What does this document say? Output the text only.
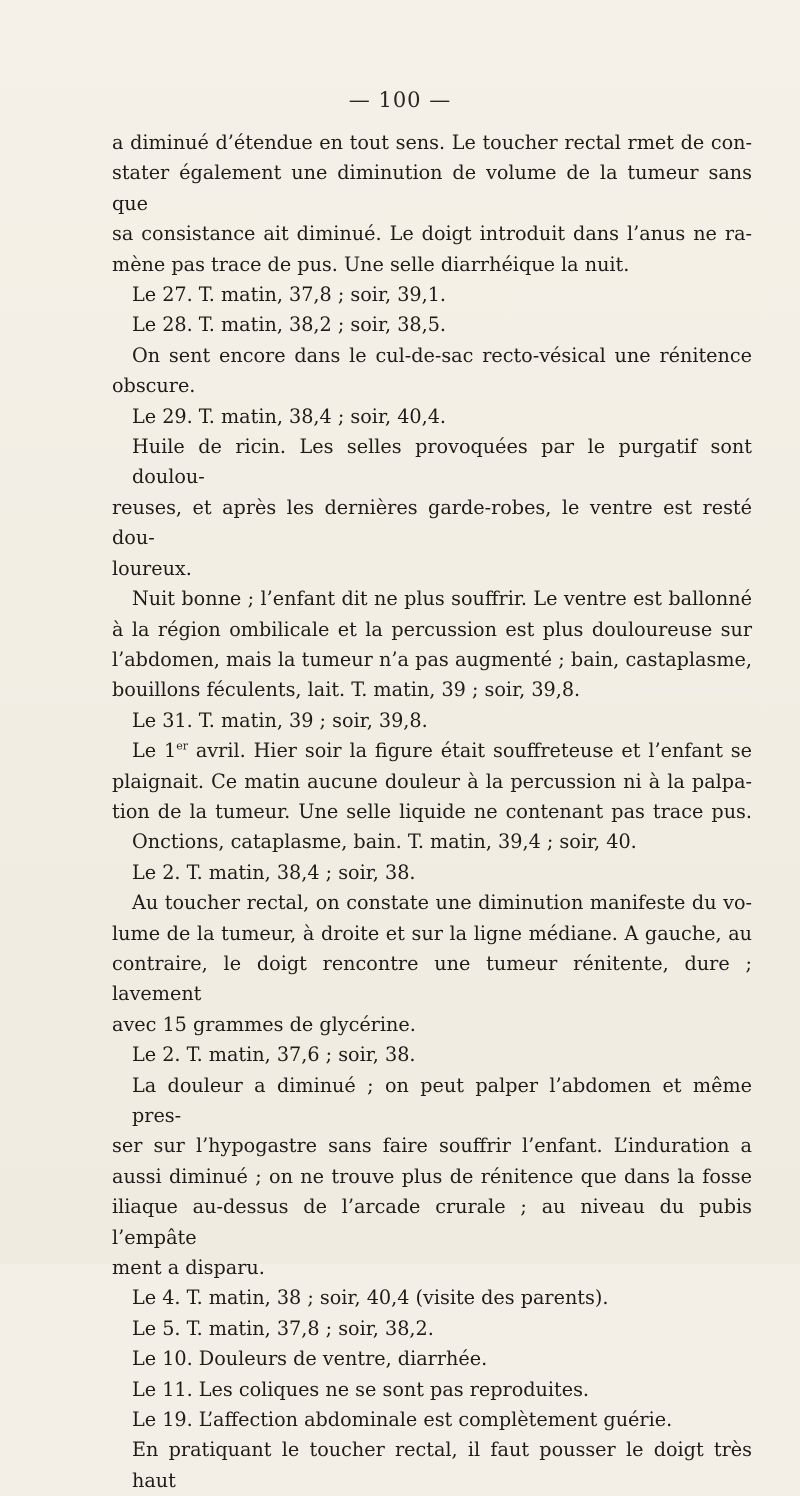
— 100 —
a diminué d’étendue en tout sens. Le toucher rectal rmet de con-
stater également une diminution de volume de la tumeur sans que
sa consistance ait diminué. Le doigt introduit dans l’anus ne ra-
mène pas trace de pus. Une selle diarrhéique la nuit.
Le 27. T. matin, 37,8 ; soir, 39,1.
Le 28. T. matin, 38,2 ; soir, 38,5.
On sent encore dans le cul-de-sac recto-vésical une rénitence
obscure.
Le 29. T. matin, 38,4 ; soir, 40,4.
Huile de ricin. Les selles provoquées par le purgatif sont doulou-
reuses, et après les dernières garde-robes, le ventre est resté dou-
loureux.
Nuit bonne ; l’enfant dit ne plus souffrir. Le ventre est ballonné
à la région ombilicale et la percussion est plus douloureuse sur
l’abdomen, mais la tumeur n’a pas augmenté ; bain, castaplasme,
bouillons féculents, lait. T. matin, 39 ; soir, 39,8.
Le 31. T. matin, 39 ; soir, 39,8.
Le 1er avril. Hier soir la figure était souffreteuse et l’enfant se
plaignait. Ce matin aucune douleur à la percussion ni à la palpa-
tion de la tumeur. Une selle liquide ne contenant pas trace pus.
Onctions, cataplasme, bain. T. matin, 39,4 ; soir, 40.
Le 2. T. matin, 38,4 ; soir, 38.
Au toucher rectal, on constate une diminution manifeste du vo-
lume de la tumeur, à droite et sur la ligne médiane. A gauche, au
contraire, le doigt rencontre une tumeur rénitente, dure ; lavement
avec 15 grammes de glycérine.
Le 2. T. matin, 37,6 ; soir, 38.
La douleur a diminué ; on peut palper l’abdomen et même pres-
ser sur l’hypogastre sans faire souffrir l’enfant. L’induration a
aussi diminué ; on ne trouve plus de rénitence que dans la fosse
iliaque au-dessus de l’arcade crurale ; au niveau du pubis l’empâte
ment a disparu.
Le 4. T. matin, 38 ; soir, 40,4 (visite des parents).
Le 5. T. matin, 37,8 ; soir, 38,2.
Le 10. Douleurs de ventre, diarrhée.
Le 11. Les coliques ne se sont pas reproduites.
Le 19. L’affection abdominale est complètement guérie.
En pratiquant le toucher rectal, il faut pousser le doigt très haut
